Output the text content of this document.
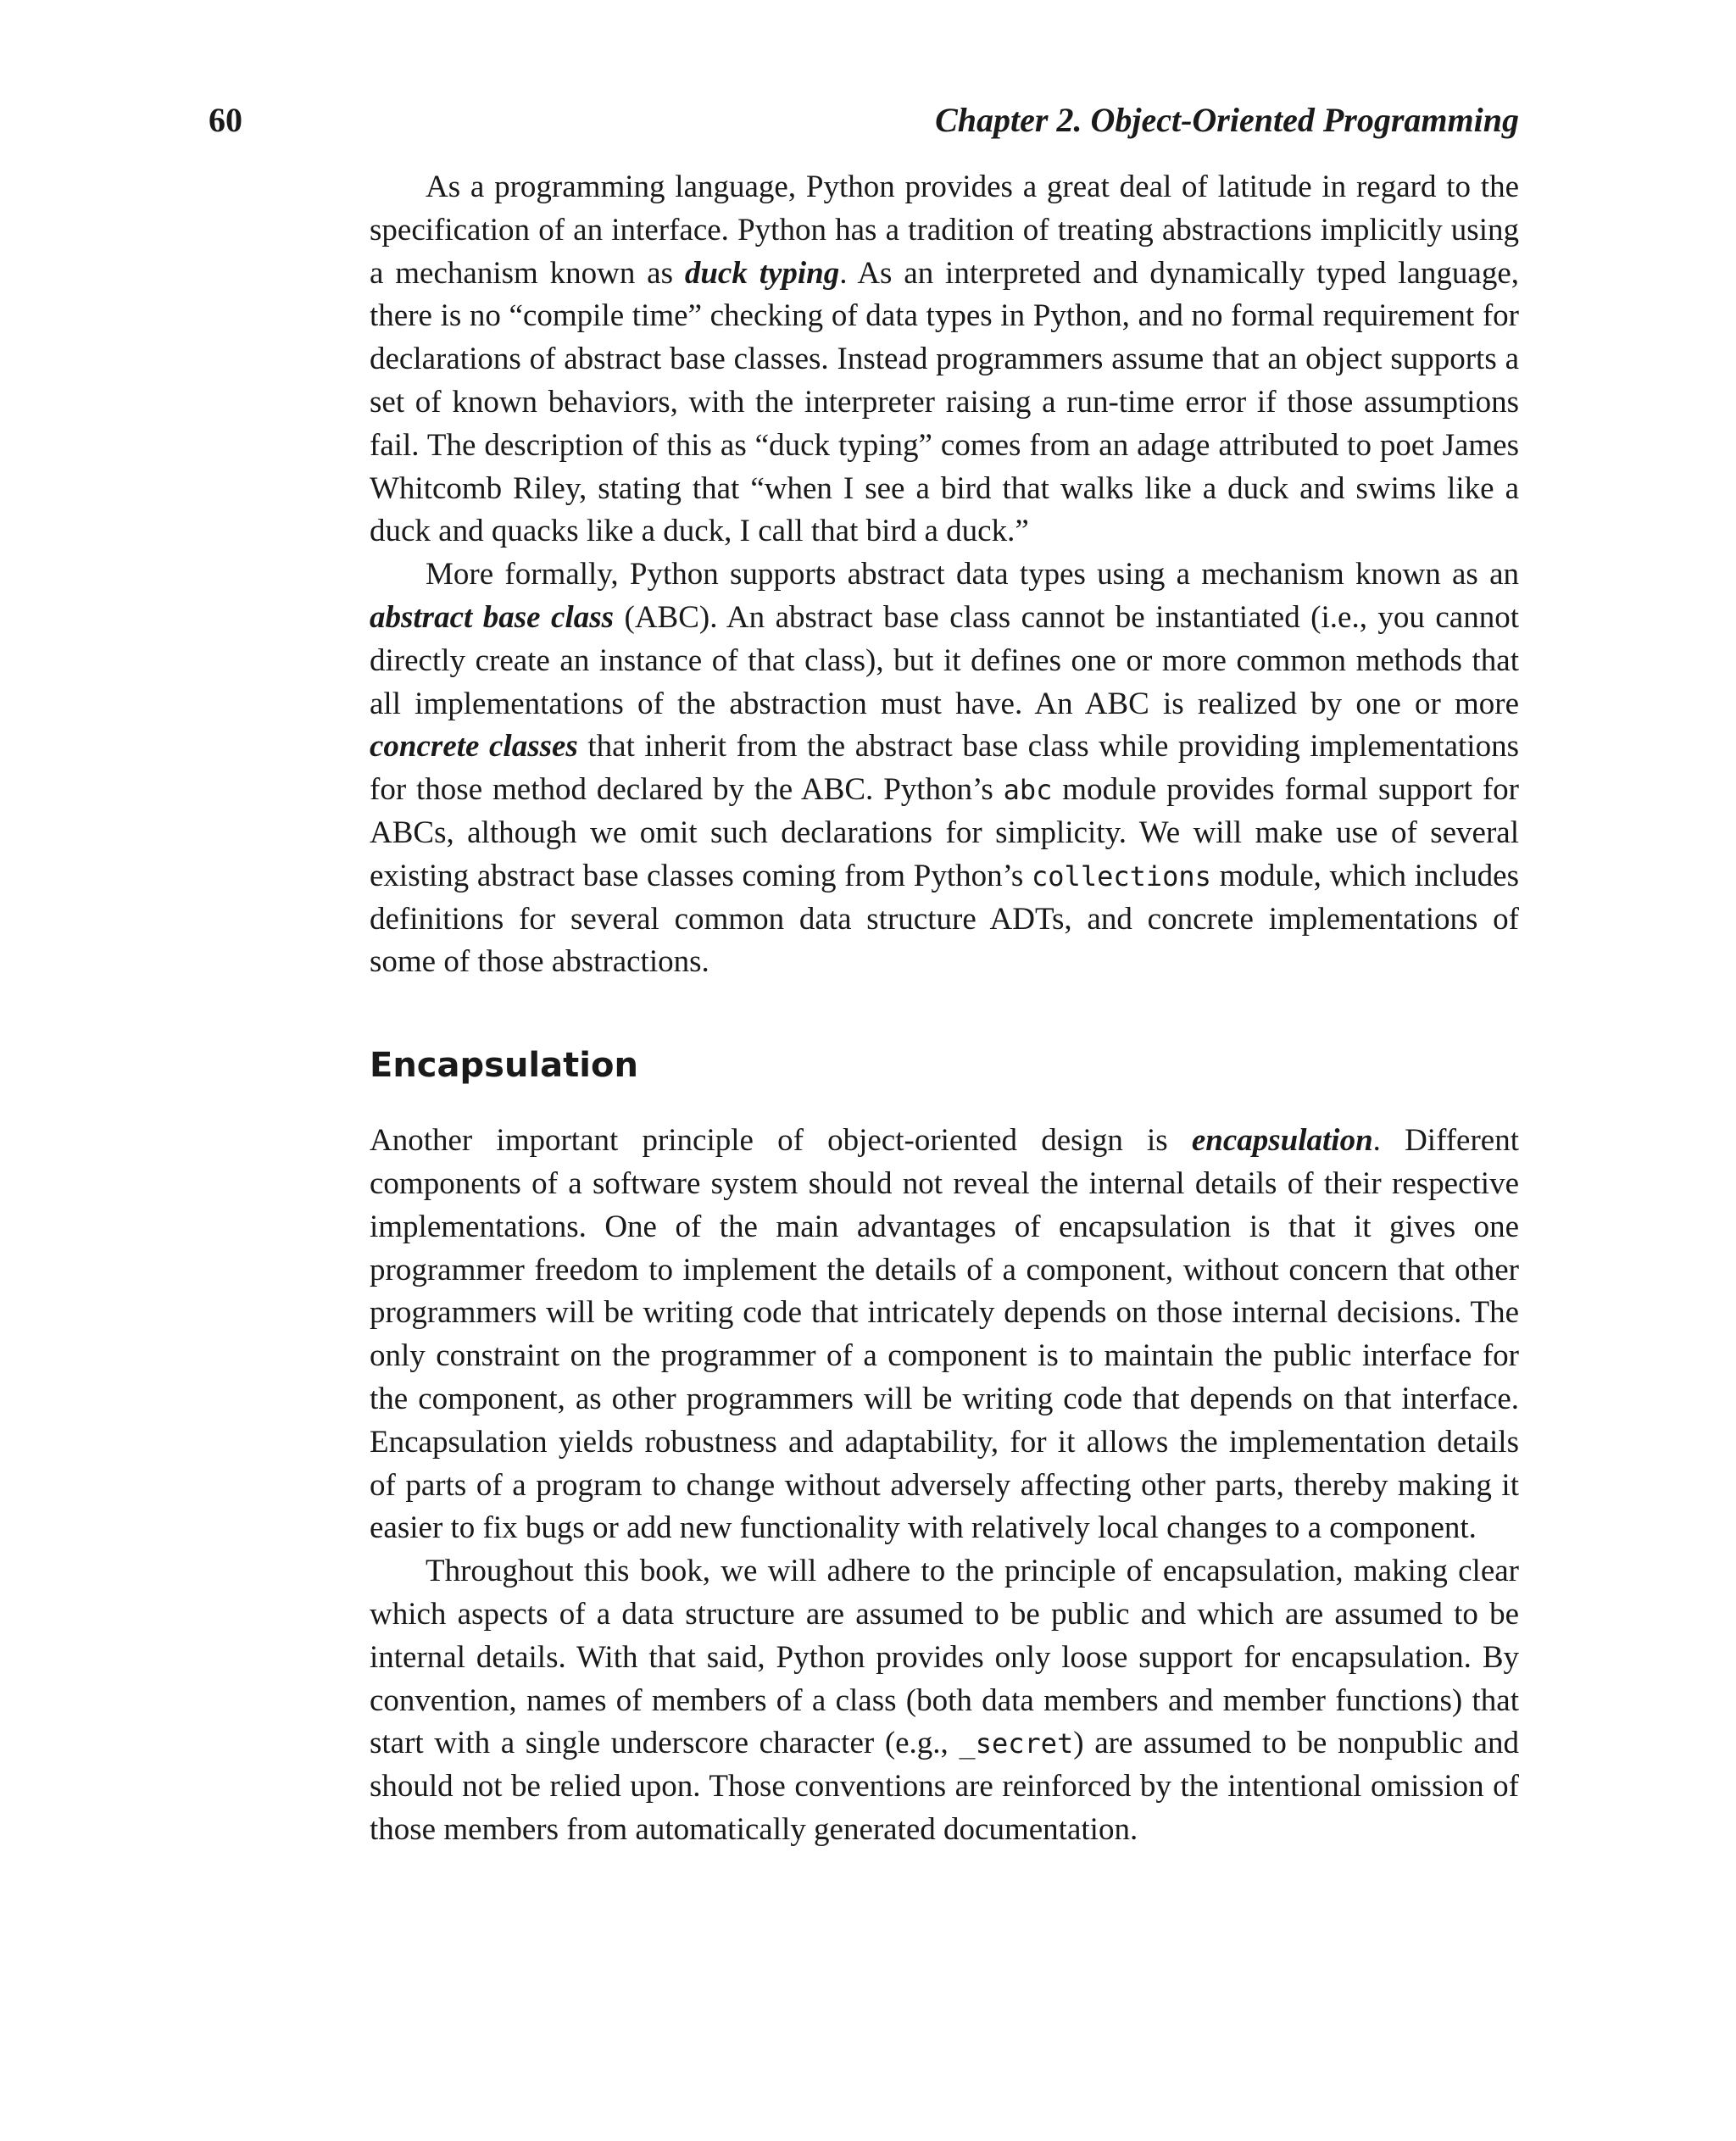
60	Chapter 2. Object-Oriented Programming

As a programming language, Python provides a great deal of latitude in regard to the specification of an interface. Python has a tradition of treating abstractions implicitly using a mechanism known as duck typing. As an interpreted and dynamically typed language, there is no “compile time” checking of data types in Python, and no formal requirement for declarations of abstract base classes. Instead programmers assume that an object supports a set of known behaviors, with the interpreter raising a run-time error if those assumptions fail. The description of this as “duck typing” comes from an adage attributed to poet James Whitcomb Riley, stating that “when I see a bird that walks like a duck and swims like a duck and quacks like a duck, I call that bird a duck.”

More formally, Python supports abstract data types using a mechanism known as an abstract base class (ABC). An abstract base class cannot be instantiated (i.e., you cannot directly create an instance of that class), but it defines one or more common methods that all implementations of the abstraction must have. An ABC is realized by one or more concrete classes that inherit from the abstract base class while providing implementations for those method declared by the ABC. Python’s abc module provides formal support for ABCs, although we omit such declarations for simplicity. We will make use of several existing abstract base classes coming from Python’s collections module, which includes definitions for several common data structure ADTs, and concrete implementations of some of those abstractions.

Encapsulation

Another important principle of object-oriented design is encapsulation. Different components of a software system should not reveal the internal details of their respective implementations. One of the main advantages of encapsulation is that it gives one programmer freedom to implement the details of a component, without concern that other programmers will be writing code that intricately depends on those internal decisions. The only constraint on the programmer of a component is to maintain the public interface for the component, as other programmers will be writing code that depends on that interface. Encapsulation yields robustness and adaptability, for it allows the implementation details of parts of a program to change without adversely affecting other parts, thereby making it easier to fix bugs or add new functionality with relatively local changes to a component.

Throughout this book, we will adhere to the principle of encapsulation, making clear which aspects of a data structure are assumed to be public and which are assumed to be internal details. With that said, Python provides only loose support for encapsulation. By convention, names of members of a class (both data members and member functions) that start with a single underscore character (e.g., _secret) are assumed to be nonpublic and should not be relied upon. Those conventions are reinforced by the intentional omission of those members from automatically generated documentation.
